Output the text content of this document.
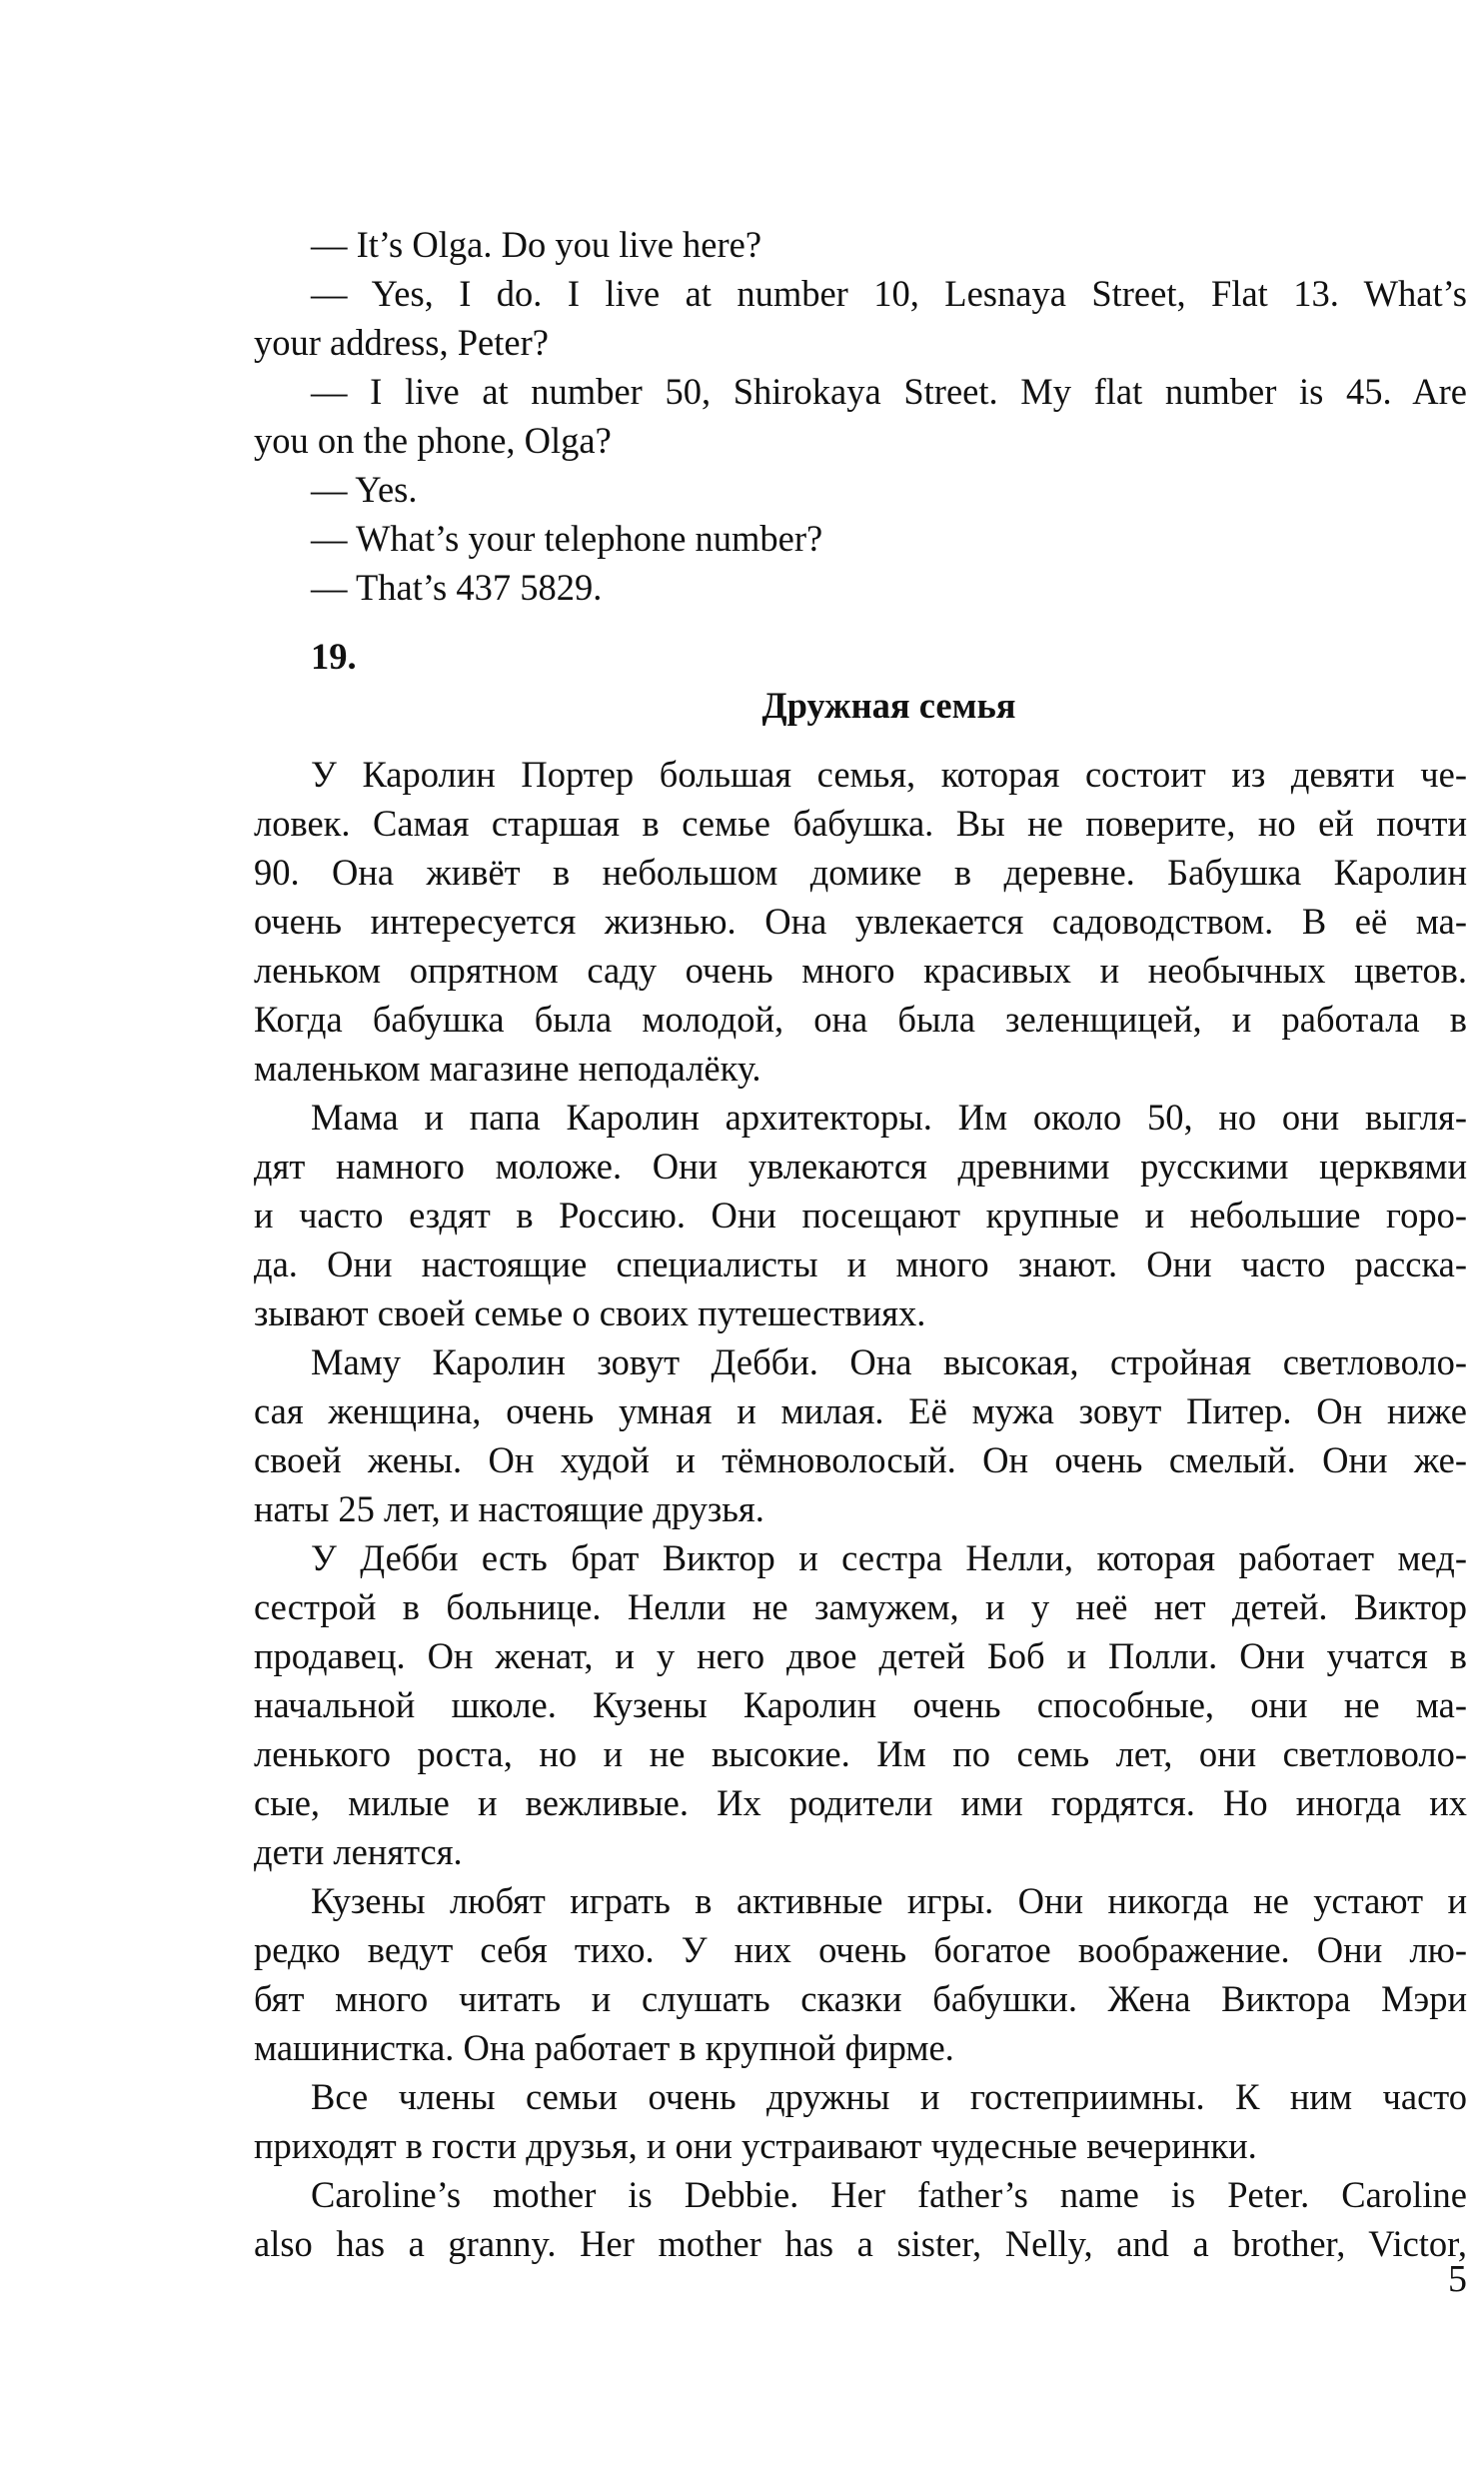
— It’s Olga. Do you live here?

— Yes, I do. I live at number 10, Lesnaya Street, Flat 13. What’s

your address, Peter?

— I live at number 50, Shirokaya Street. My flat number is 45. Are

you on the phone, Olga?

— Yes.

— What’s your telephone number?

— That’s 437 5829.

19.

Дружная семья

У Каролин Портер большая семья, которая состоит из девяти че-

ловек. Самая старшая в семье бабушка. Вы не поверите, но ей почти

90. Она живёт в небольшом домике в деревне. Бабушка Каролин

очень интересуется жизнью. Она увлекается садоводством. В её ма-

леньком опрятном саду очень много красивых и необычных цветов.

Когда бабушка была молодой, она была зеленщицей, и работала в

маленьком магазине неподалёку.

Мама и папа Каролин архитекторы. Им около 50, но они выгля-

дят намного моложе. Они увлекаются древними русскими церквями

и часто ездят в Россию. Они посещают крупные и небольшие горо-

да. Они настоящие специалисты и много знают. Они часто расска-

зывают своей семье о своих путешествиях.

Маму Каролин зовут Дебби. Она высокая, стройная светловоло-

сая женщина, очень умная и милая. Её мужа зовут Питер. Он ниже

своей жены. Он худой и тёмноволосый. Он очень смелый. Они же-

наты 25 лет, и настоящие друзья.

У Дебби есть брат Виктор и сестра Нелли, которая работает мед-

сестрой в больнице. Нелли не замужем, и у неё нет детей. Виктор

продавец. Он женат, и у него двое детей Боб и Полли. Они учатся в

начальной школе. Кузены Каролин очень способные, они не ма-

ленького роста, но и не высокие. Им по семь лет, они светловоло-

сые, милые и вежливые. Их родители ими гордятся. Но иногда их

дети ленятся.

Кузены любят играть в активные игры. Они никогда не устают и

редко ведут себя тихо. У них очень богатое воображение. Они лю-

бят много читать и слушать сказки бабушки. Жена Виктора Мэри

машинистка. Она работает в крупной фирме.

Все члены семьи очень дружны и гостеприимны. К ним часто

приходят в гости друзья, и они устраивают чудесные вечеринки.

Caroline’s mother is Debbie. Her father’s name is Peter. Caroline

also has a granny. Her mother has a sister, Nelly, and a brother, Victor,

5
